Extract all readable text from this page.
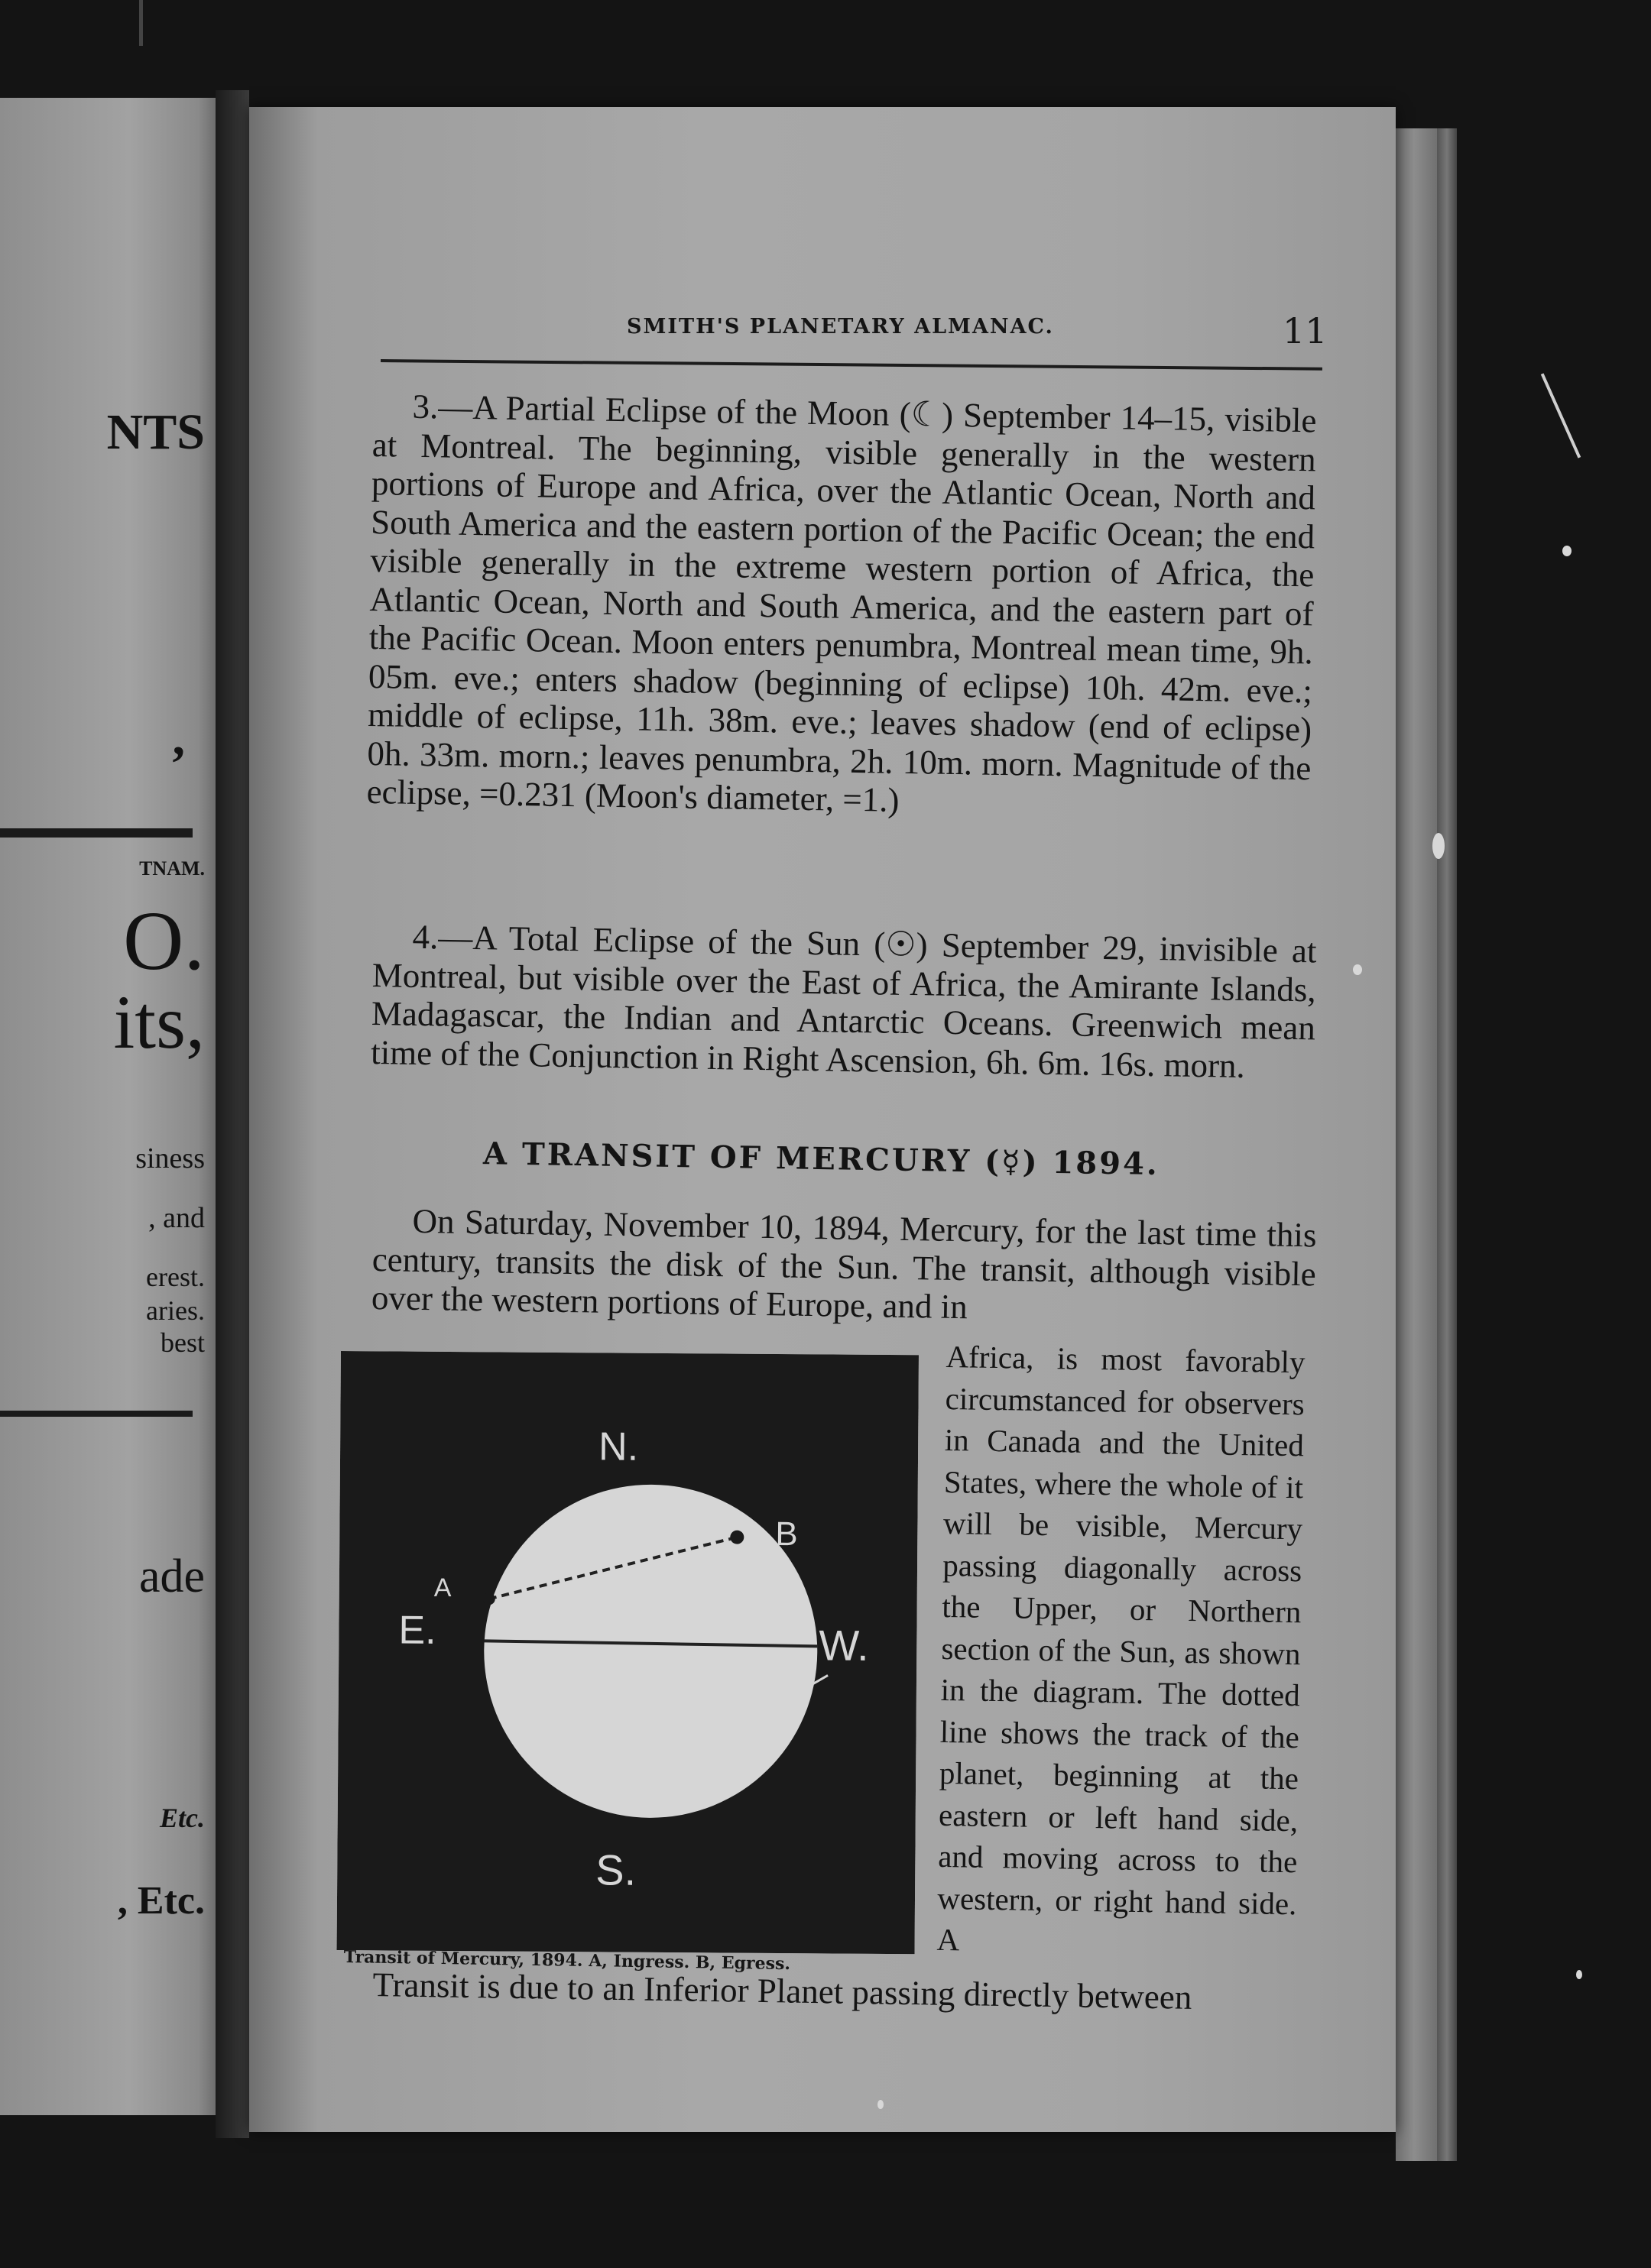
NTS
,
TNAM.
O.
its,
siness
, and
erest.
aries.
best
ade
Etc.
, Etc.
SMITH'S PLANETARY ALMANAC.	11

3.—A Partial Eclipse of the Moon (☾) September 14–15, visible at Montreal. The beginning, visible generally in the western portions of Europe and Africa, over the Atlantic Ocean, North and South America and the eastern portion of the Pacific Ocean; the end visible generally in the extreme western portion of Africa, the Atlantic Ocean, North and South America, and the eastern part of the Pacific Ocean. Moon enters penumbra, Montreal mean time, 9h. 05m. eve.; enters shadow (beginning of eclipse) 10h. 42m. eve.; middle of eclipse, 11h. 38m. eve.; leaves shadow (end of eclipse) 0h. 33m. morn.; leaves penumbra, 2h. 10m. morn. Magnitude of the eclipse, =0.231 (Moon's diameter, =1.)

4.—A Total Eclipse of the Sun (☉) September 29, invisible at Montreal, but visible over the East of Africa, the Amirante Islands, Madagascar, the Indian and Antarctic Oceans. Greenwich mean time of the Conjunction in Right Ascension, 6h. 6m. 16s. morn.

A TRANSIT OF MERCURY (☿) 1894.

On Saturday, November 10, 1894, Mercury, for the last time this century, transits the disk of the Sun. The transit, although visible over the western portions of Europe, and in

N.
S.
E.	W.
A
B
Transit of Mercury, 1894. A, Ingress. B, Egress.
Africa, is most favorably circumstanced for observers in Canada and the United States, where the whole of it will be visible, Mercury passing diagonally across the Upper, or Northern section of the Sun, as shown in the diagram. The dotted line shows the track of the planet, beginning at the eastern or left hand side, and moving across to the western, or right hand side. A

Transit is due to an Inferior Planet passing directly between
